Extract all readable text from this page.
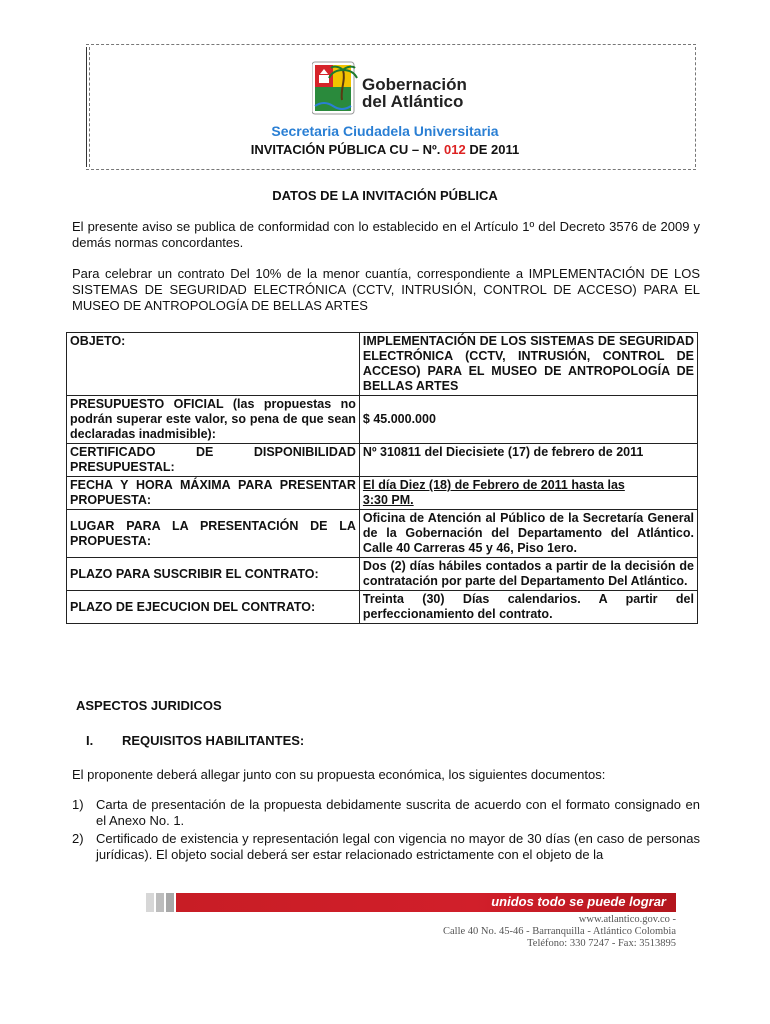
Gobernación
del Atlántico
Secretaria Ciudadela Universitaria
INVITACIÓN PÚBLICA CU – Nº. 012 DE 2011
DATOS DE LA INVITACIÓN PÚBLICA
El presente aviso se publica de conformidad con lo establecido en el Artículo 1º del Decreto 3576 de 2009 y demás normas concordantes.
Para celebrar un contrato Del 10% de la menor cuantía, correspondiente a IMPLEMENTACIÓN DE LOS SISTEMAS DE SEGURIDAD ELECTRÓNICA (CCTV, INTRUSIÓN, CONTROL DE ACCESO) PARA EL MUSEO DE ANTROPOLOGÍA DE BELLAS ARTES
OBJETO:	IMPLEMENTACIÓN DE LOS SISTEMAS DE SEGURIDAD ELECTRÓNICA (CCTV, INTRUSIÓN, CONTROL DE ACCESO) PARA EL MUSEO DE ANTROPOLOGÍA DE BELLAS ARTES
PRESUPUESTO OFICIAL (las propuestas no podrán superar este valor, so pena de que sean declaradas inadmisible):	$ 45.000.000
CERTIFICADO DE DISPONIBILIDAD PRESUPUESTAL:	Nº 310811 del Diecisiete (17) de febrero de 2011
FECHA Y HORA MÁXIMA PARA PRESENTAR PROPUESTA:	El día Diez (18) de Febrero de 2011 hasta las
3:30 PM.
LUGAR PARA LA PRESENTACIÓN DE LA PROPUESTA:	Oficina de Atención al Público de la Secretaría General de la Gobernación del Departamento del Atlántico. Calle 40 Carreras 45 y 46, Piso 1ero.
PLAZO PARA SUSCRIBIR EL CONTRATO:	Dos (2) días hábiles contados a partir de la decisión de contratación por parte del Departamento Del Atlántico.
PLAZO DE EJECUCION DEL CONTRATO:	Treinta (30) Días calendarios. A partir del perfeccionamiento del contrato.
ASPECTOS JURIDICOS
I. REQUISITOS HABILITANTES:
El proponente deberá allegar junto con su propuesta económica, los siguientes documentos:
1) Carta de presentación de la propuesta debidamente suscrita de acuerdo con el formato consignado en el Anexo No. 1.
2) Certificado de existencia y representación legal con vigencia no mayor de 30 días (en caso de personas jurídicas). El objeto social deberá ser estar relacionado estrictamente con el objeto de la
unidos todo se puede lograr
www.atlantico.gov.co -
Calle 40 No. 45-46 - Barranquilla - Atlántico Colombia
Teléfono: 330 7247 - Fax: 3513895
